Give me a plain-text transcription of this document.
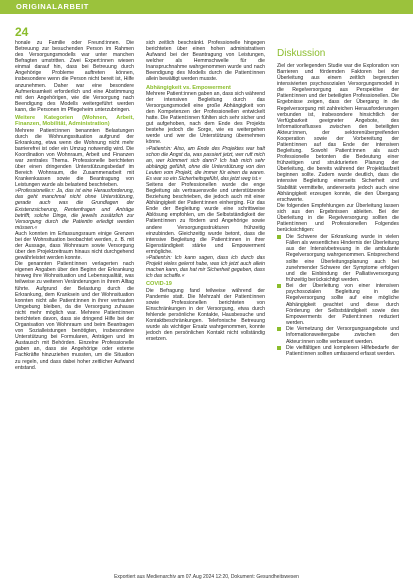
ORIGINALARBEIT
24

honale zu Familie oder Freund:innen. Die Betreuung zur besuchenden Person im Rahmen des Versorgungsmodells war unter manchen Befragten umstritten. Zwei Expert:innen wiesen einmal darauf hin, dass bei Betreuung durch Angehörige Probleme auftreten können, insbesondere wenn die Person nicht bereit ist, Hilfe anzunehmen. Daher war eine besondere Aufmerksamkeit erforderlich und eine Abstimmung mit den Angehörigen, wie die Versorgung nach Beendigung des Modells weitergeführt werden kann, die Personen im Pflegeheim unterzubringen.

Weitere Kategorien (Wohnen, Arbeit, Finanzen, Mobilität, Administration)

Mehrere Patient:innen benannten Belastungen durch die Wohnungssituation aufgrund der Erkrankung, etwa wenn die Wohnung nicht mehr barrierefrei ist oder ein Umzug notwendig wird. Die Koordination von Wohnraum, Arbeit und Finanzen war zentrales Thema. Professionelle berichteten über einen dringenden Unterstützungsbedarf im Bereich Wohnraum, die Zusammenarbeit mit Krankenkassen sowie die Beantragung von Leistungen wurde als belastend beschrieben.

»Professionelle:r: Ja, das ist eine Herausforderung, das geht manchmal nicht ohne Unterstützung, gerade auch was die Grundlagen der Existenzsicherung, Rentenfragen und Anträge betrifft, solche Dinge, die jeweils zusätzlich zur Versorgung durch die Patientin erledigt werden müssen.«

Auch konnten im Erfassungsraum einige Grenzen bei der Wohnsituation beobachtet werden, z. B. mit der Aussage, dass Wohnraum sowie Versorgung über den Projektzeitraum hinaus nicht durchgehend gewährleistet werden konnte.

Die genannten Patient:innen verlagerten nach eigenen Angaben über den Beginn der Erkrankung hinweg ihre Wohnsituation und Lebensqualität, was teilweise zu weiteren Veränderungen in ihrem Alltag führte. Aufgrund der Belastung durch die Erkrankung, dem Kranksein und der Wohnsituation konnten nicht alle Patient:innen in ihrer vertrauten Umgebung bleiben, da die Versorgung zuhause nicht mehr möglich war. Mehrere Patient:innen berichteten davon, dass sie dringend Hilfe bei der Organisation von Wohnraum und beim Beantragen von Sozialleistungen benötigten, insbesondere Unterstützung bei Formularen, Anträgen und im Austausch mit Behörden. Einzelne Professionelle gaben an, dass sie Angehörige oder externe Fachkräfte hinzuziehen mussten, um die Situation zu regeln, und dass dabei hoher zeitlicher Aufwand entstand.

sich zeitlich beschränkt. Professionelle hingegen berichteten über einen hohen administrativen Aufwand bei der Beantragung von Leistungen, welcher als Hemmschwelle für die Inanspruchnahme wahrgenommen wurde und nach Beendigung des Modells durch die Patient:innen allein bewältigt werden musste.

Abhängigkeit vs. Empowerment

Mehrere Patient:innen gaben an, dass sich während der intensiven Begleitung durch das Versorgungsmodell eine große Abhängigkeit von den Kompetenzen der Professionellen entwickelt hatte. Die Patient:innen fühlten sich sehr sicher und gut aufgehoben, nach dem Ende des Projekts bestehe jedoch die Sorge, wie es weitergehen werde und wer die Unterstützung übernehmen könne.

»Patient:in: Also, am Ende des Projektes war halt schon die Angst da, was passiert jetzt, wer ruft mich an, wer kümmert sich dann? Ich hab mich sehr abhängig gefühlt, ohne die Unterstützung von den Leuten vom Projekt, die immer für einen da waren. Es war so ein Sicherheitsgefühl, das jetzt weg ist.«

Seitens der Professionellen wurde die enge Begleitung als vertrauensvolle und unterstützende Beziehung beschrieben, die jedoch auch mit einer Abhängigkeit der Patient:innen einherging. Für das Ende der Begleitung wurde eine schrittweise Ablösung empfohlen, um die Selbstständigkeit der Patient:innen zu fördern und Angehörige sowie andere Versorgungsstrukturen frühzeitig einzubinden. Gleichzeitig wurde betont, dass die intensive Begleitung die Patient:innen in ihrer Eigenständigkeit stärke und Empowerment ermögliche.

»Patient:in: Ich kann sagen, dass ich durch das Projekt vieles gelernt habe, was ich jetzt auch allein machen kann, das hat mir Sicherheit gegeben, dass ich das schaffe.«

COVID-19

Die Befragung fand teilweise während der Pandemie statt. Die Mehrzahl der Patient:innen sowie Professionellen berichteten von Einschränkungen in der Versorgung, etwa durch fehlende persönliche Kontakte, Hausbesuche und Kontaktbeschränkungen. Telefonische Betreuung wurde als wichtiger Ersatz wahrgenommen, konnte jedoch den persönlichen Kontakt nicht vollständig ersetzen.

Diskussion

Ziel der vorliegenden Studie war die Exploration von Barrieren und fördernden Faktoren bei der Überleitung aus einem zeitlich begrenzten intensivierten psychosozialen Versorgungsmodell in die Regelversorgung aus Perspektive der Patient:innen und der beteiligten Professionellen. Die Ergebnisse zeigen, dass der Übergang in die Regelversorgung mit zahlreichen Herausforderungen verbunden ist, insbesondere hinsichtlich der Verfügbarkeit geeigneter Angebote, des Informationsflusses zwischen den beteiligten Akteur:innen, der sektorenübergreifenden Kooperation sowie der Vorbereitung der Patient:innen auf das Ende der intensiven Begleitung. Sowohl Patient:innen als auch Professionelle betonten die Bedeutung einer frühzeitigen und strukturierten Planung der Überleitung, die bereits während der Projektlaufzeit beginnen sollte. Zudem wurde deutlich, dass die intensive Begleitung einerseits Sicherheit und Stabilität vermittelte, andererseits jedoch auch eine Abhängigkeit erzeugen konnte, die den Übergang erschwerte.

Die folgenden Empfehlungen zur Überleitung lassen sich aus den Ergebnissen ableiten. Bei der Überleitung in die Regelversorgung sollten die Patient:innen und Professionellen Folgendes berücksichtigen:

Die Schwere der Erkrankung wurde in vielen Fällen als wesentliches Hindernis der Überleitung aus der Intensivbetreuung in die ambulante Regelversorgung wahrgenommen. Entsprechend sollte eine Überleitungsplanung auch bei zunehmender Schwere der Symptome erfolgen und die Einbindung der Palliativversorgung frühzeitig berücksichtigt werden.
Bei der Überleitung von einer intensiven psychosozialen Begleitung in die Regelversorgung sollte auf eine mögliche Abhängigkeit geachtet und diese durch Förderung der Selbstständigkeit sowie des Empowerments der Patient:innen reduziert werden.
Die Vernetzung der Versorgungsangebote und Informationsweitergabe zwischen den Akteur:innen sollte verbessert werden.
Die vielfältigen und komplexen Hilfebedarfe der Patient:innen sollten umfassend erfasst werden.
Exportiert aus Medienarchiv am 07.Aug 2024 12:20, Dokument: Gesundheitswesen
